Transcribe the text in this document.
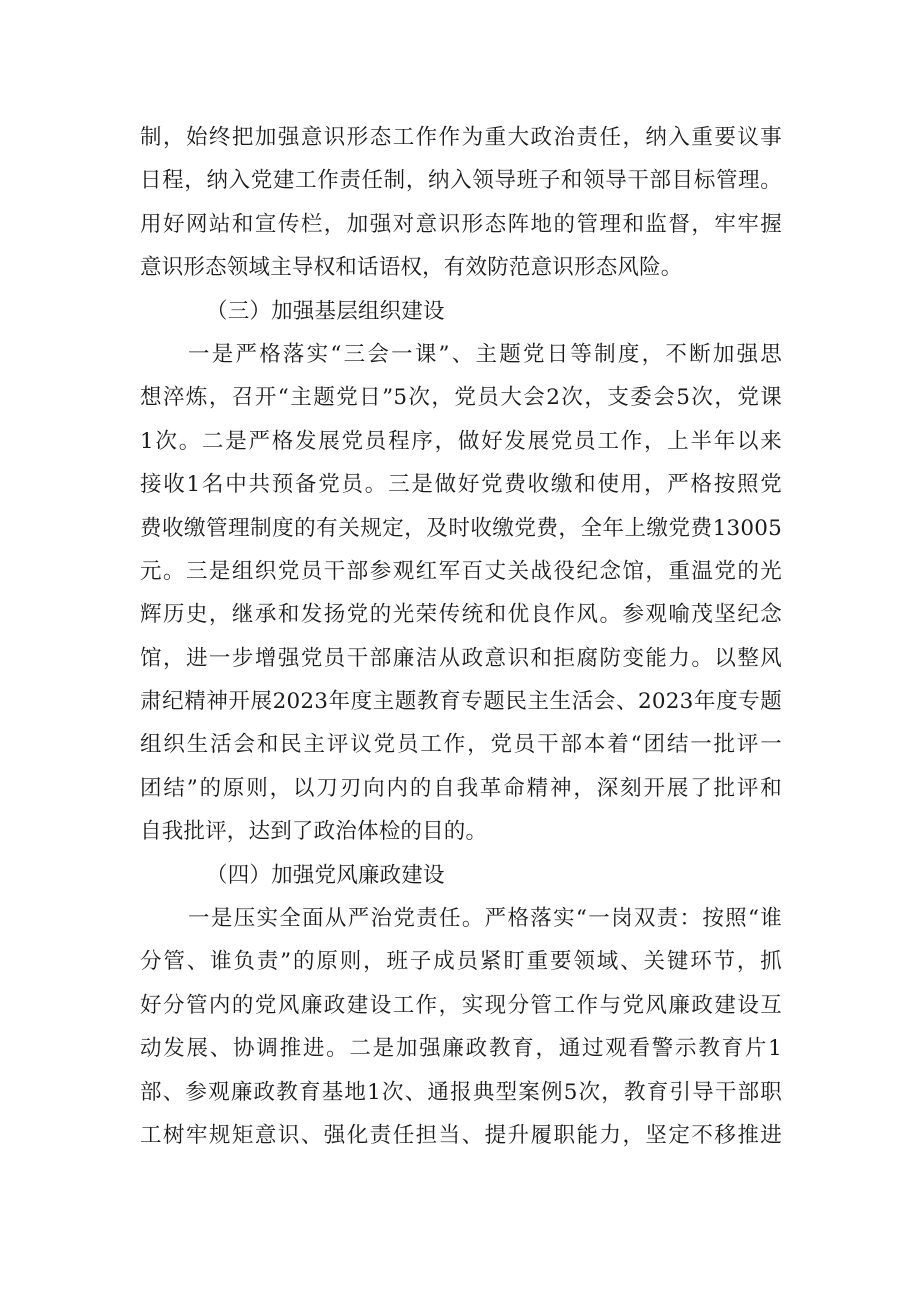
制，始终把加强意识形态工作作为重大政治责任，纳入重要议事
日程，纳入党建工作责任制，纳入领导班子和领导干部目标管理。
用好网站和宣传栏，加强对意识形态阵地的管理和监督，牢牢握
意识形态领域主导权和话语权，有效防范意识形态风险。
（三）加强基层组织建设
一是严格落实“三会一课”、主题党日等制度，不断加强思
想淬炼，召开“主题党日”5次，党员大会2次，支委会5次，党课
1次。二是严格发展党员程序，做好发展党员工作，上半年以来
接收1名中共预备党员。三是做好党费收缴和使用，严格按照党
费收缴管理制度的有关规定，及时收缴党费，全年上缴党费13005
元。三是组织党员干部参观红军百丈关战役纪念馆，重温党的光
辉历史，继承和发扬党的光荣传统和优良作风。参观喻茂坚纪念
馆，进一步增强党员干部廉洁从政意识和拒腐防变能力。以整风
肃纪精神开展2023年度主题教育专题民主生活会、2023年度专题
组织生活会和民主评议党员工作，党员干部本着“团结一批评一
团结”的原则，以刀刃向内的自我革命精神，深刻开展了批评和
自我批评，达到了政治体检的目的。
（四）加强党风廉政建设
一是压实全面从严治党责任。严格落实“一岗双责：按照“谁
分管、谁负责”的原则，班子成员紧盯重要领域、关键环节，抓
好分管内的党风廉政建设工作，实现分管工作与党风廉政建设互
动发展、协调推进。二是加强廉政教育，通过观看警示教育片1
部、参观廉政教育基地1次、通报典型案例5次，教育引导干部职
工树牢规矩意识、强化责任担当、提升履职能力，坚定不移推进
